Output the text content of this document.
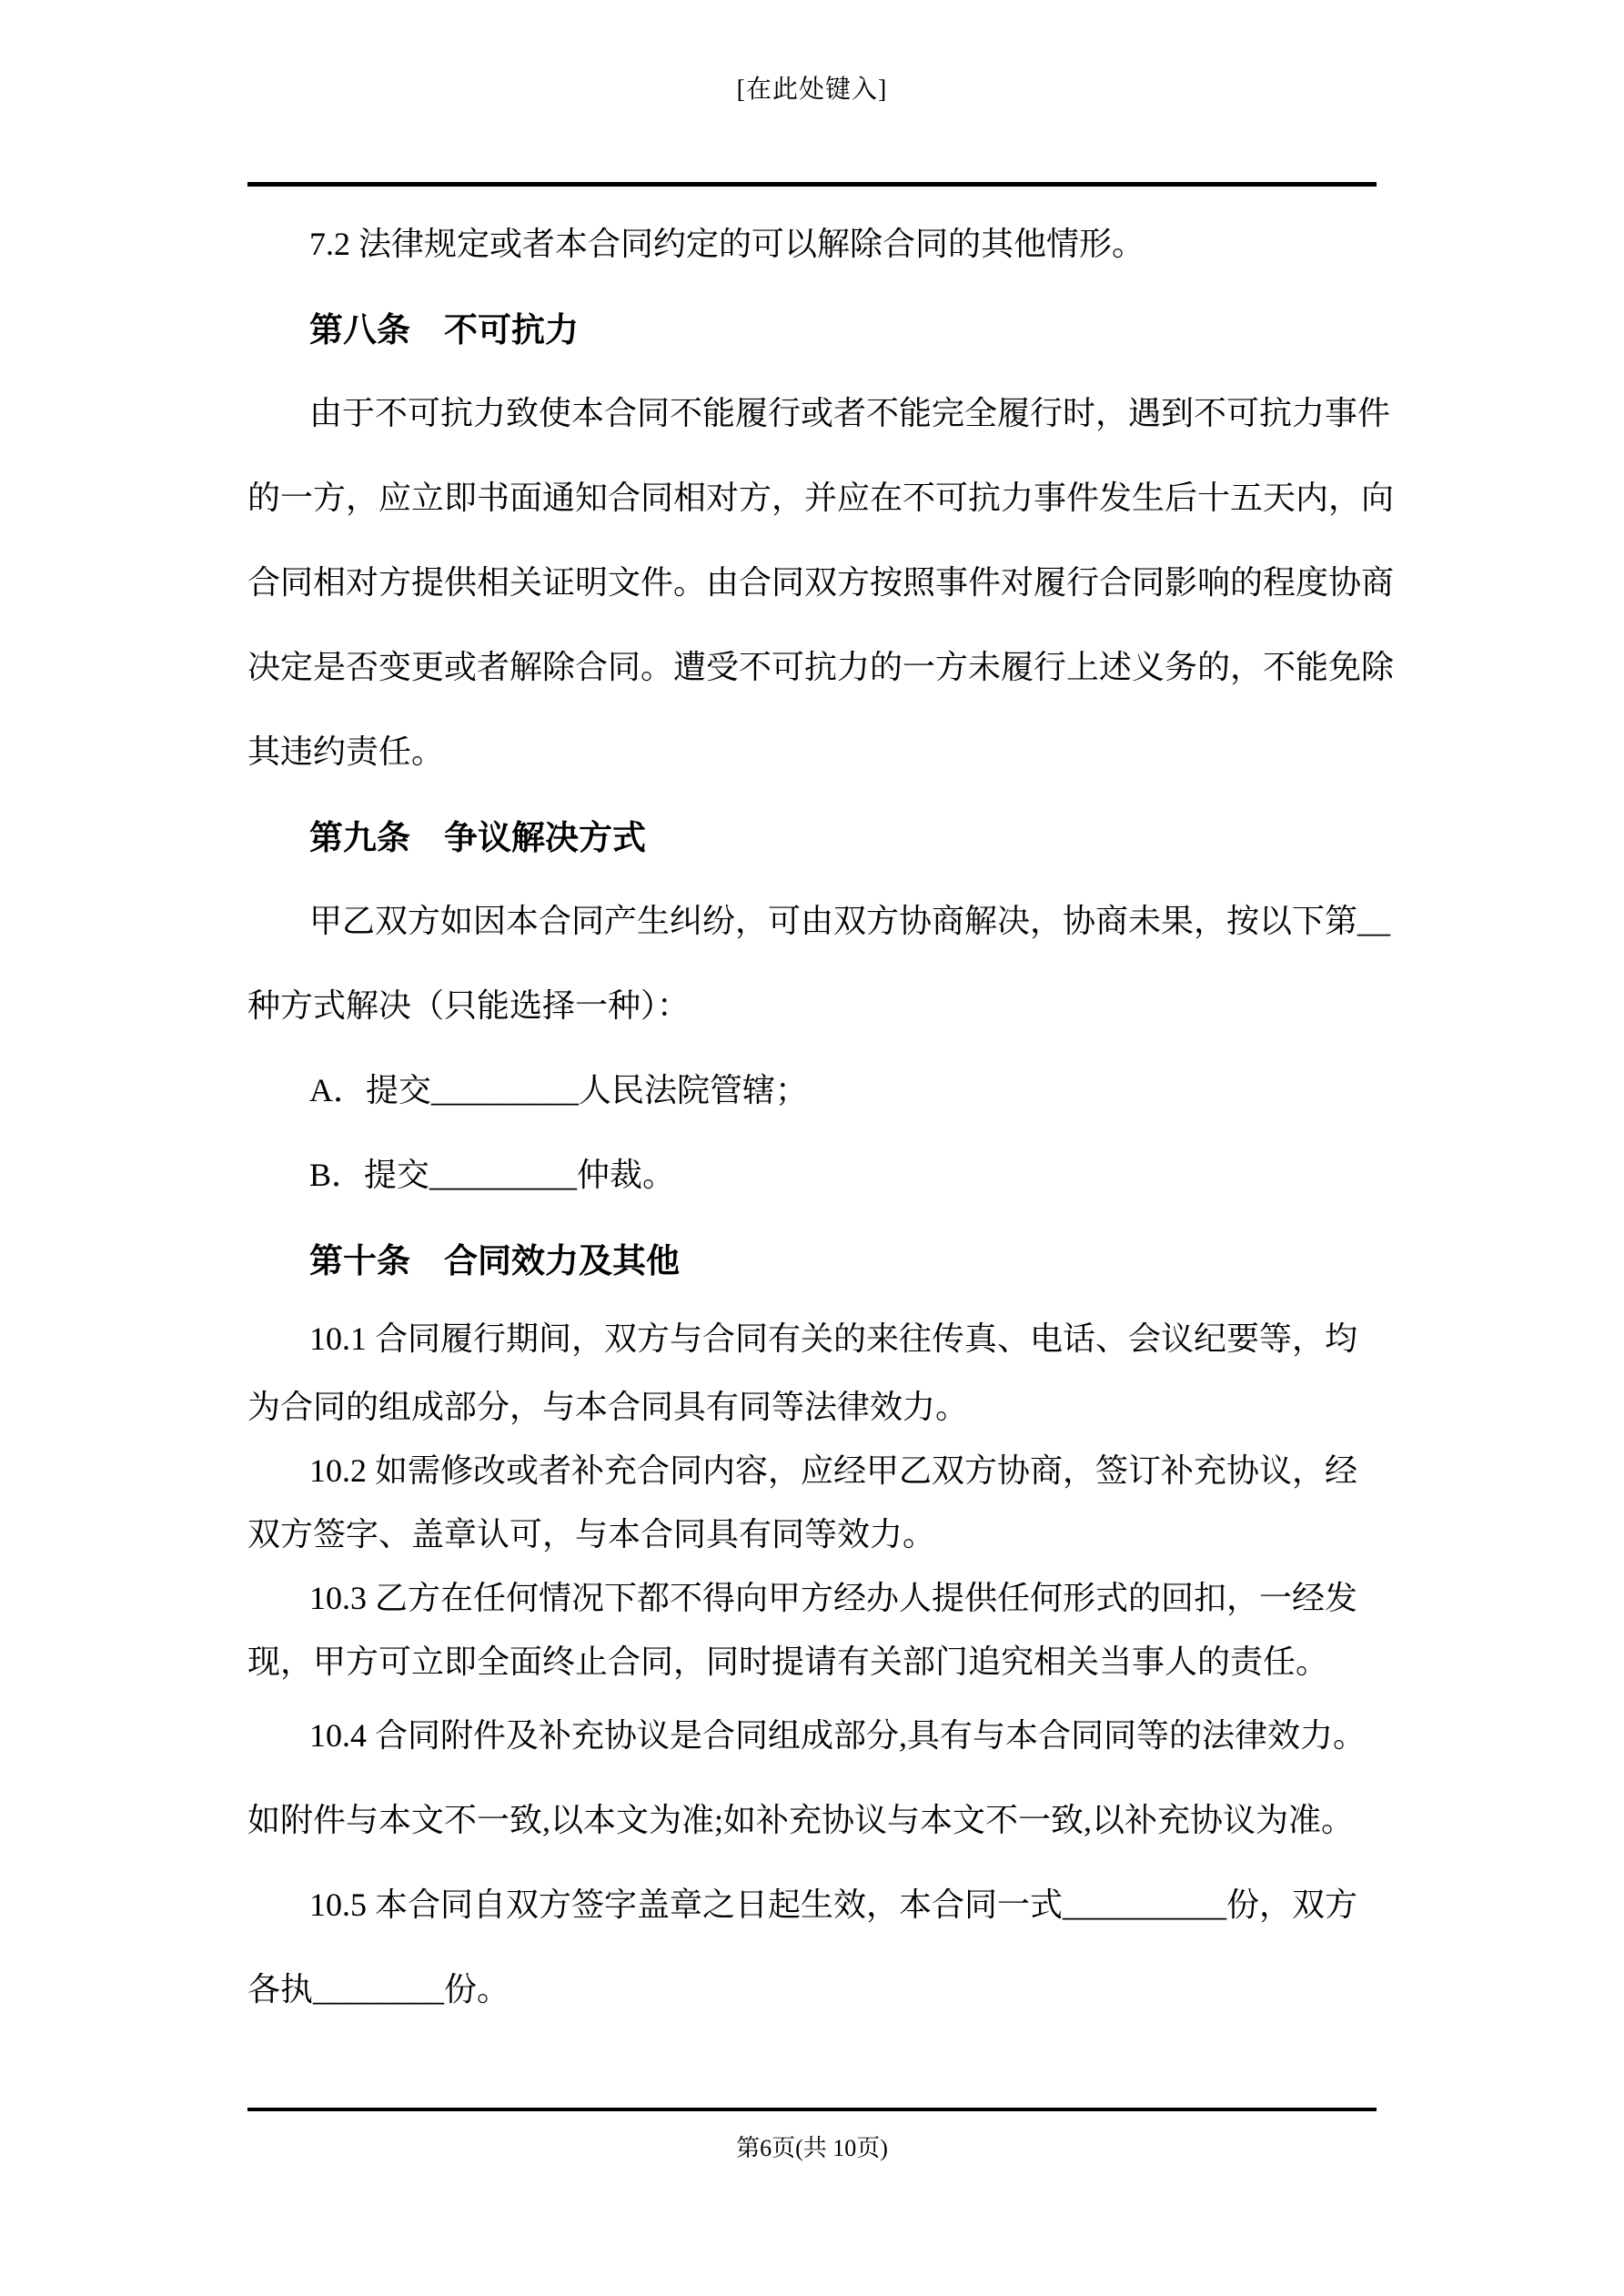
[在此处键入]
7.2 法律规定或者本合同约定的可以解除合同的其他情形。
第八条　不可抗力
由于不可抗力致使本合同不能履行或者不能完全履行时，遇到不可抗力事件
的一方，应立即书面通知合同相对方，并应在不可抗力事件发生后十五天内，向
合同相对方提供相关证明文件。由合同双方按照事件对履行合同影响的程度协商
决定是否变更或者解除合同。遭受不可抗力的一方未履行上述义务的，不能免除
其违约责任。
第九条　争议解决方式
甲乙双方如因本合同产生纠纷，可由双方协商解决，协商未果，按以下第__
种方式解决（只能选择一种）：
A．提交_________人民法院管辖；
B．提交_________仲裁。
第十条　合同效力及其他
10.1 合同履行期间，双方与合同有关的来往传真、电话、会议纪要等，均
为合同的组成部分，与本合同具有同等法律效力。
10.2 如需修改或者补充合同内容，应经甲乙双方协商，签订补充协议，经
双方签字、盖章认可，与本合同具有同等效力。
10.3 乙方在任何情况下都不得向甲方经办人提供任何形式的回扣，一经发
现，甲方可立即全面终止合同，同时提请有关部门追究相关当事人的责任。
10.4 合同附件及补充协议是合同组成部分,具有与本合同同等的法律效力。
如附件与本文不一致,以本文为准;如补充协议与本文不一致,以补充协议为准。
10.5 本合同自双方签字盖章之日起生效，本合同一式__________份，双方
各执________份。
第6页(共 10页)
